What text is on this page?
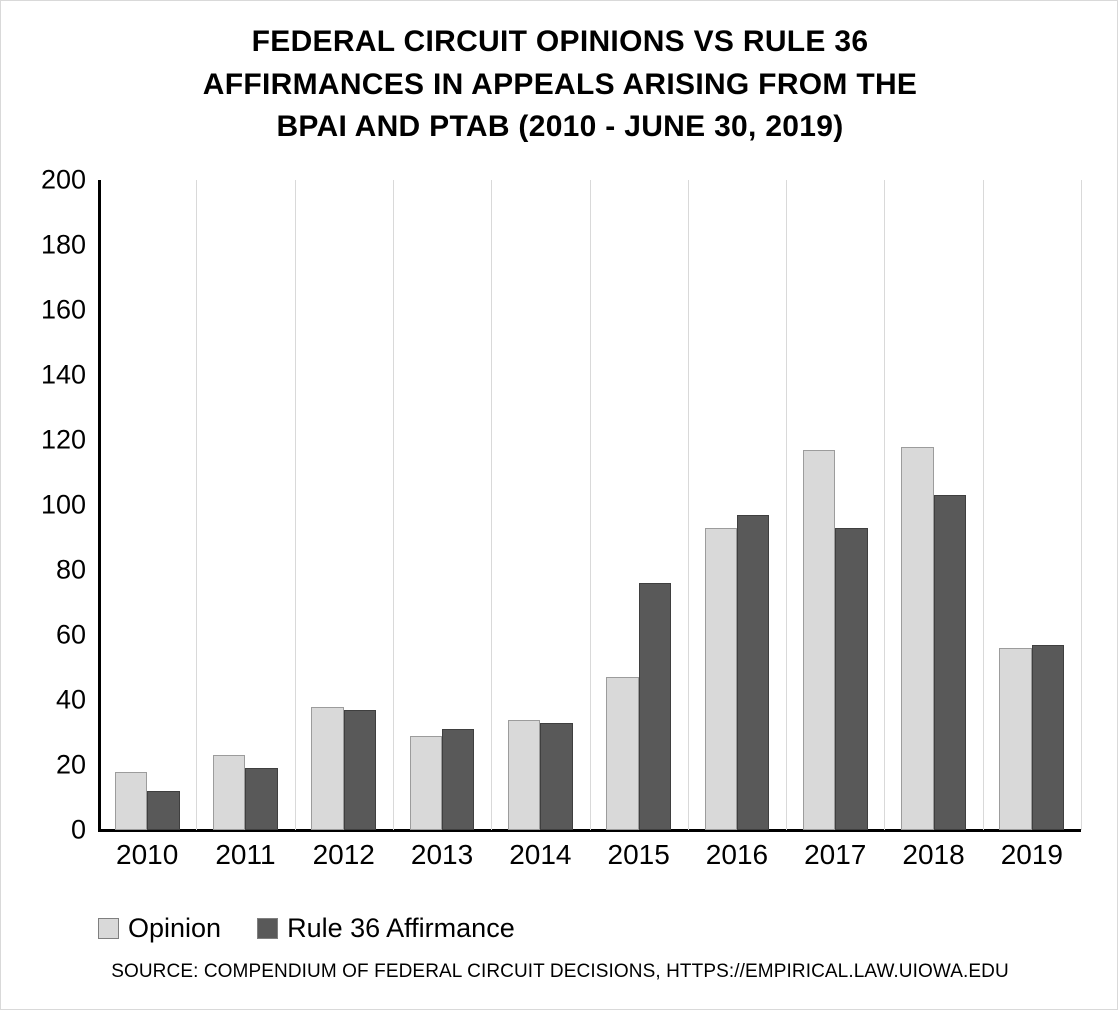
FEDERAL CIRCUIT OPINIONS VS RULE 36
AFFIRMANCES IN APPEALS ARISING FROM THE
BPAI AND PTAB (2010 - JUNE 30, 2019)
0
20
40
60
80
100
120
140
160
180
200
2010	2011	2012	2013	2014	2015	2016	2017	2018	2019
Opinion Rule 36 Affirmance
SOURCE: COMPENDIUM OF FEDERAL CIRCUIT DECISIONS, HTTPS://EMPIRICAL.LAW.UIOWA.EDU
